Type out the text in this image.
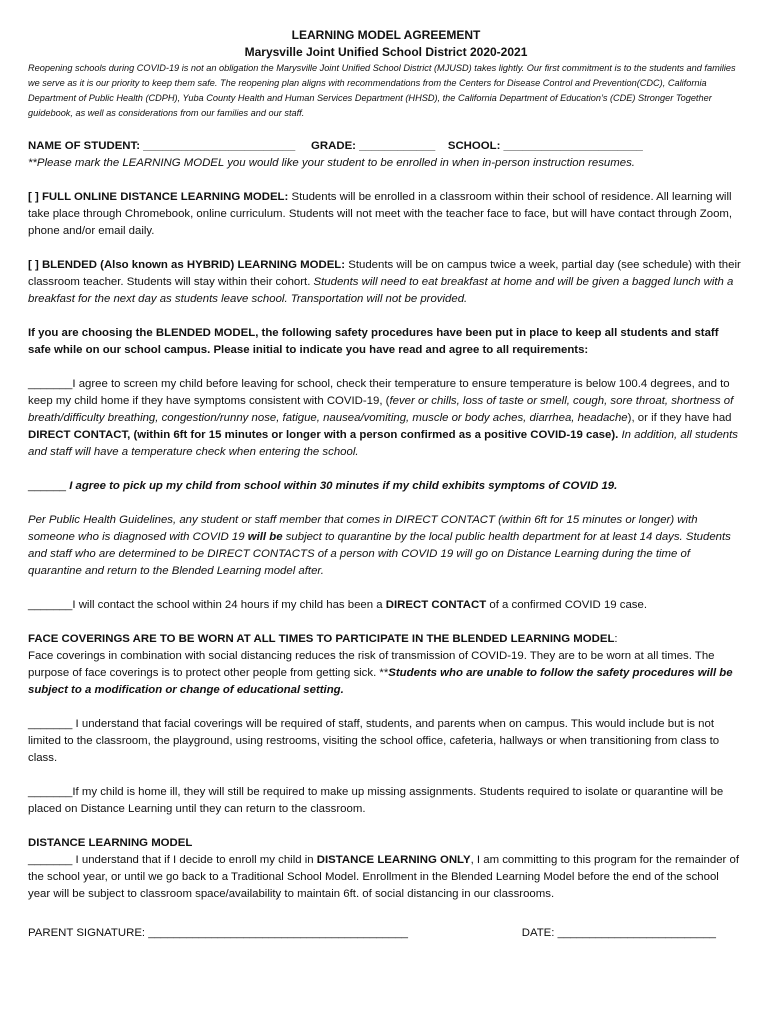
LEARNING MODEL AGREEMENT
Marysville Joint Unified School District 2020-2021

Reopening schools during COVID-19 is not an obligation the Marysville Joint Unified School District (MJUSD) takes lightly. Our first commitment is to the students and families we serve as it is our priority to keep them safe. The reopening plan aligns with recommendations from the Centers for Disease Control and Prevention(CDC), California Department of Public Health (CDPH), Yuba County Health and Human Services Department (HHSD), the California Department of Education’s (CDE) Stronger Together guidebook, as well as considerations from our families and our staff.

NAME OF STUDENT: ________________________ GRADE: ____________ SCHOOL: ______________________

**Please mark the LEARNING MODEL you would like your student to be enrolled in when in-person instruction resumes.

[ ] FULL ONLINE DISTANCE LEARNING MODEL: Students will be enrolled in a classroom within their school of residence. All learning will take place through Chromebook, online curriculum. Students will not meet with the teacher face to face, but will have contact through Zoom, phone and/or email daily.

[ ] BLENDED (Also known as HYBRID) LEARNING MODEL: Students will be on campus twice a week, partial day (see schedule) with their classroom teacher. Students will stay within their cohort. Students will need to eat breakfast at home and will be given a bagged lunch with a breakfast for the next day as students leave school. Transportation will not be provided.

If you are choosing the BLENDED MODEL, the following safety procedures have been put in place to keep all students and staff safe while on our school campus. Please initial to indicate you have read and agree to all requirements:

_______I agree to screen my child before leaving for school, check their temperature to ensure temperature is below 100.4 degrees, and to keep my child home if they have symptoms consistent with COVID-19, (fever or chills, loss of taste or smell, cough, sore throat, shortness of breath/difficulty breathing, congestion/runny nose, fatigue, nausea/vomiting, muscle or body aches, diarrhea, headache), or if they have had DIRECT CONTACT, (within 6ft for 15 minutes or longer with a person confirmed as a positive COVID-19 case). In addition, all students and staff will have a temperature check when entering the school.

______ I agree to pick up my child from school within 30 minutes if my child exhibits symptoms of COVID 19.

Per Public Health Guidelines, any student or staff member that comes in DIRECT CONTACT (within 6ft for 15 minutes or longer) with someone who is diagnosed with COVID 19 will be subject to quarantine by the local public health department for at least 14 days. Students and staff who are determined to be DIRECT CONTACTS of a person with COVID 19 will go on Distance Learning during the time of quarantine and return to the Blended Learning model after.

_______I will contact the school within 24 hours if my child has been a DIRECT CONTACT of a confirmed COVID 19 case.

FACE COVERINGS ARE TO BE WORN AT ALL TIMES TO PARTICIPATE IN THE BLENDED LEARNING MODEL:
Face coverings in combination with social distancing reduces the risk of transmission of COVID-19. They are to be worn at all times. The purpose of face coverings is to protect other people from getting sick. **Students who are unable to follow the safety procedures will be subject to a modification or change of educational setting.

_______ I understand that facial coverings will be required of staff, students, and parents when on campus. This would include but is not limited to the classroom, the playground, using restrooms, visiting the school office, cafeteria, hallways or when transitioning from class to class.

_______If my child is home ill, they will still be required to make up missing assignments. Students required to isolate or quarantine will be placed on Distance Learning until they can return to the classroom.

DISTANCE LEARNING MODEL
_______ I understand that if I decide to enroll my child in DISTANCE LEARNING ONLY, I am committing to this program for the remainder of the school year, or until we go back to a Traditional School Model. Enrollment in the Blended Learning Model before the end of the school year will be subject to classroom space/availability to maintain 6ft. of social distancing in our classrooms.

PARENT SIGNATURE: _________________________________________	DATE: _________________________
